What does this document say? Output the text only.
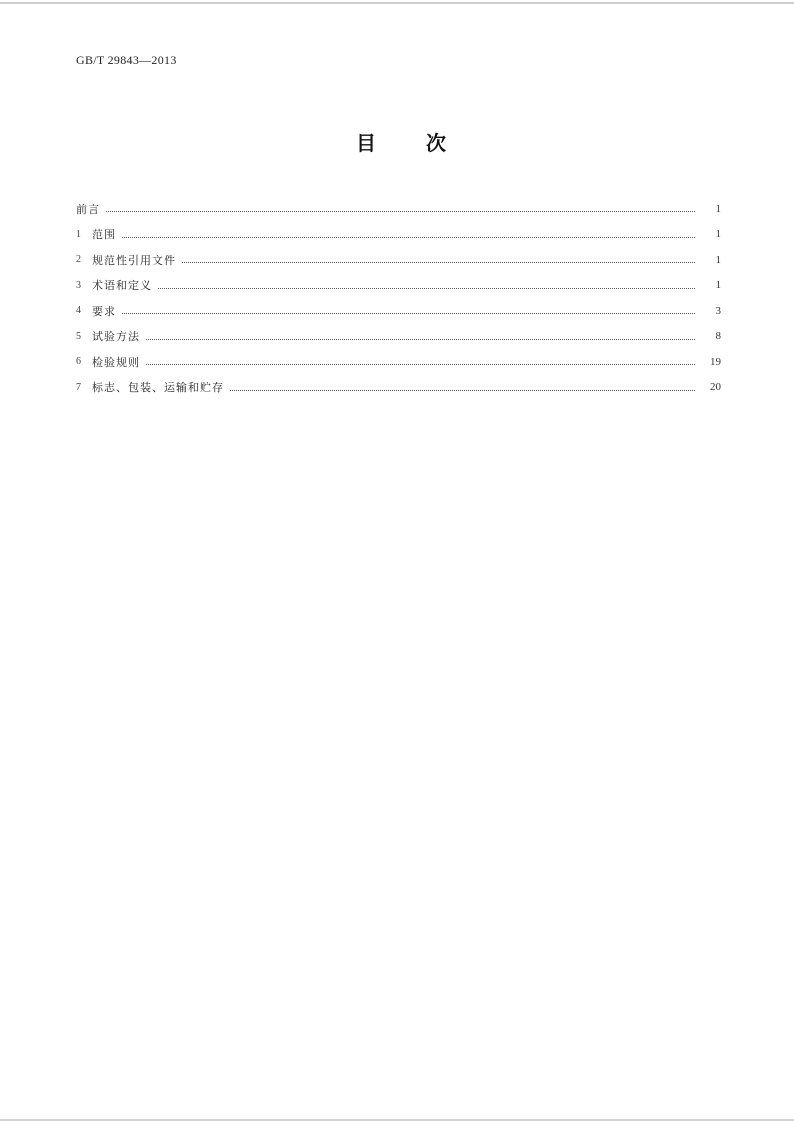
GB/T 29843—2013
目	次
前言	1
1	范围	1
2	规范性引用文件	1
3	术语和定义	1
4	要求	3
5	试验方法	8
6	检验规则	19
7	标志、包装、运输和贮存	20
